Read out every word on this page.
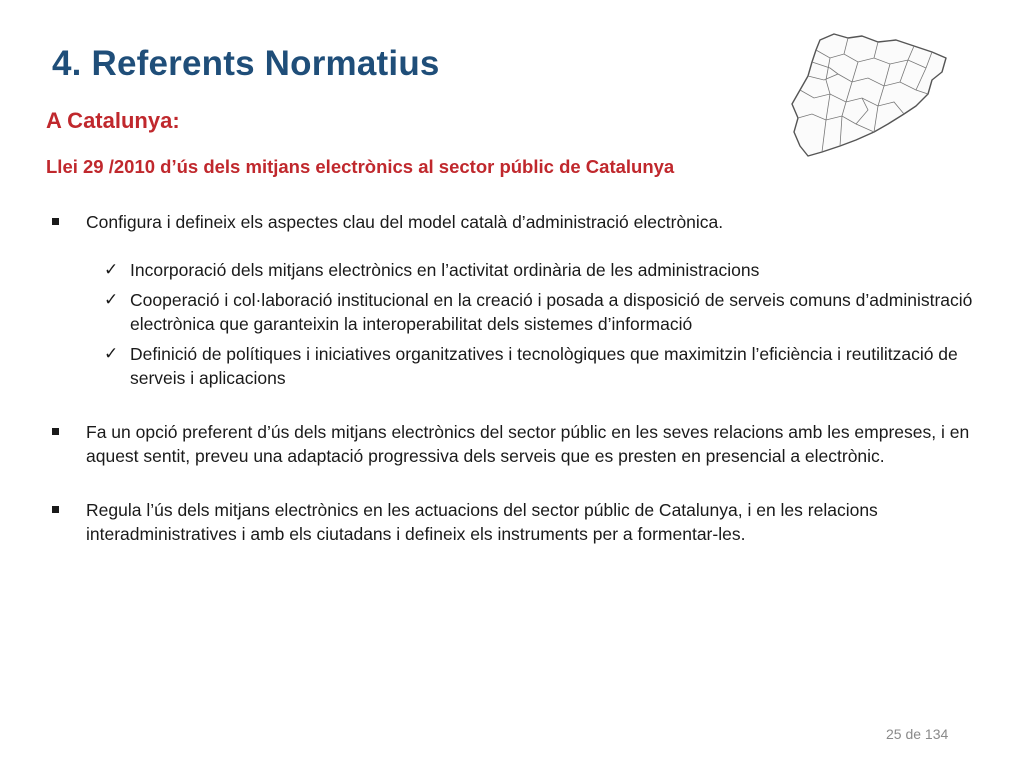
4. Referents Normatius
A Catalunya:
Llei 29 /2010 d’ús dels mitjans electrònics al sector públic de Catalunya
Configura i defineix els aspectes clau del model català d’administració electrònica.
✓ Incorporació dels mitjans electrònics en l’activitat ordinària de les administracions
✓ Cooperació i col·laboració institucional en la creació i posada a disposició de serveis comuns d’administració electrònica que garanteixin la interoperabilitat dels sistemes d’informació
✓ Definició de polítiques i iniciatives organitzatives i tecnològiques que maximitzin l’eficiència i reutilització de serveis i aplicacions
Fa un opció preferent d’ús dels mitjans electrònics del sector públic en les seves relacions amb les empreses, i en aquest sentit, preveu una adaptació progressiva dels serveis que es presten en presencial a electrònic.
Regula l’ús dels mitjans electrònics en les actuacions del sector públic de Catalunya, i en les relacions interadministratives i amb els ciutadans i defineix els instruments per a formentar-les.
25 de 134
